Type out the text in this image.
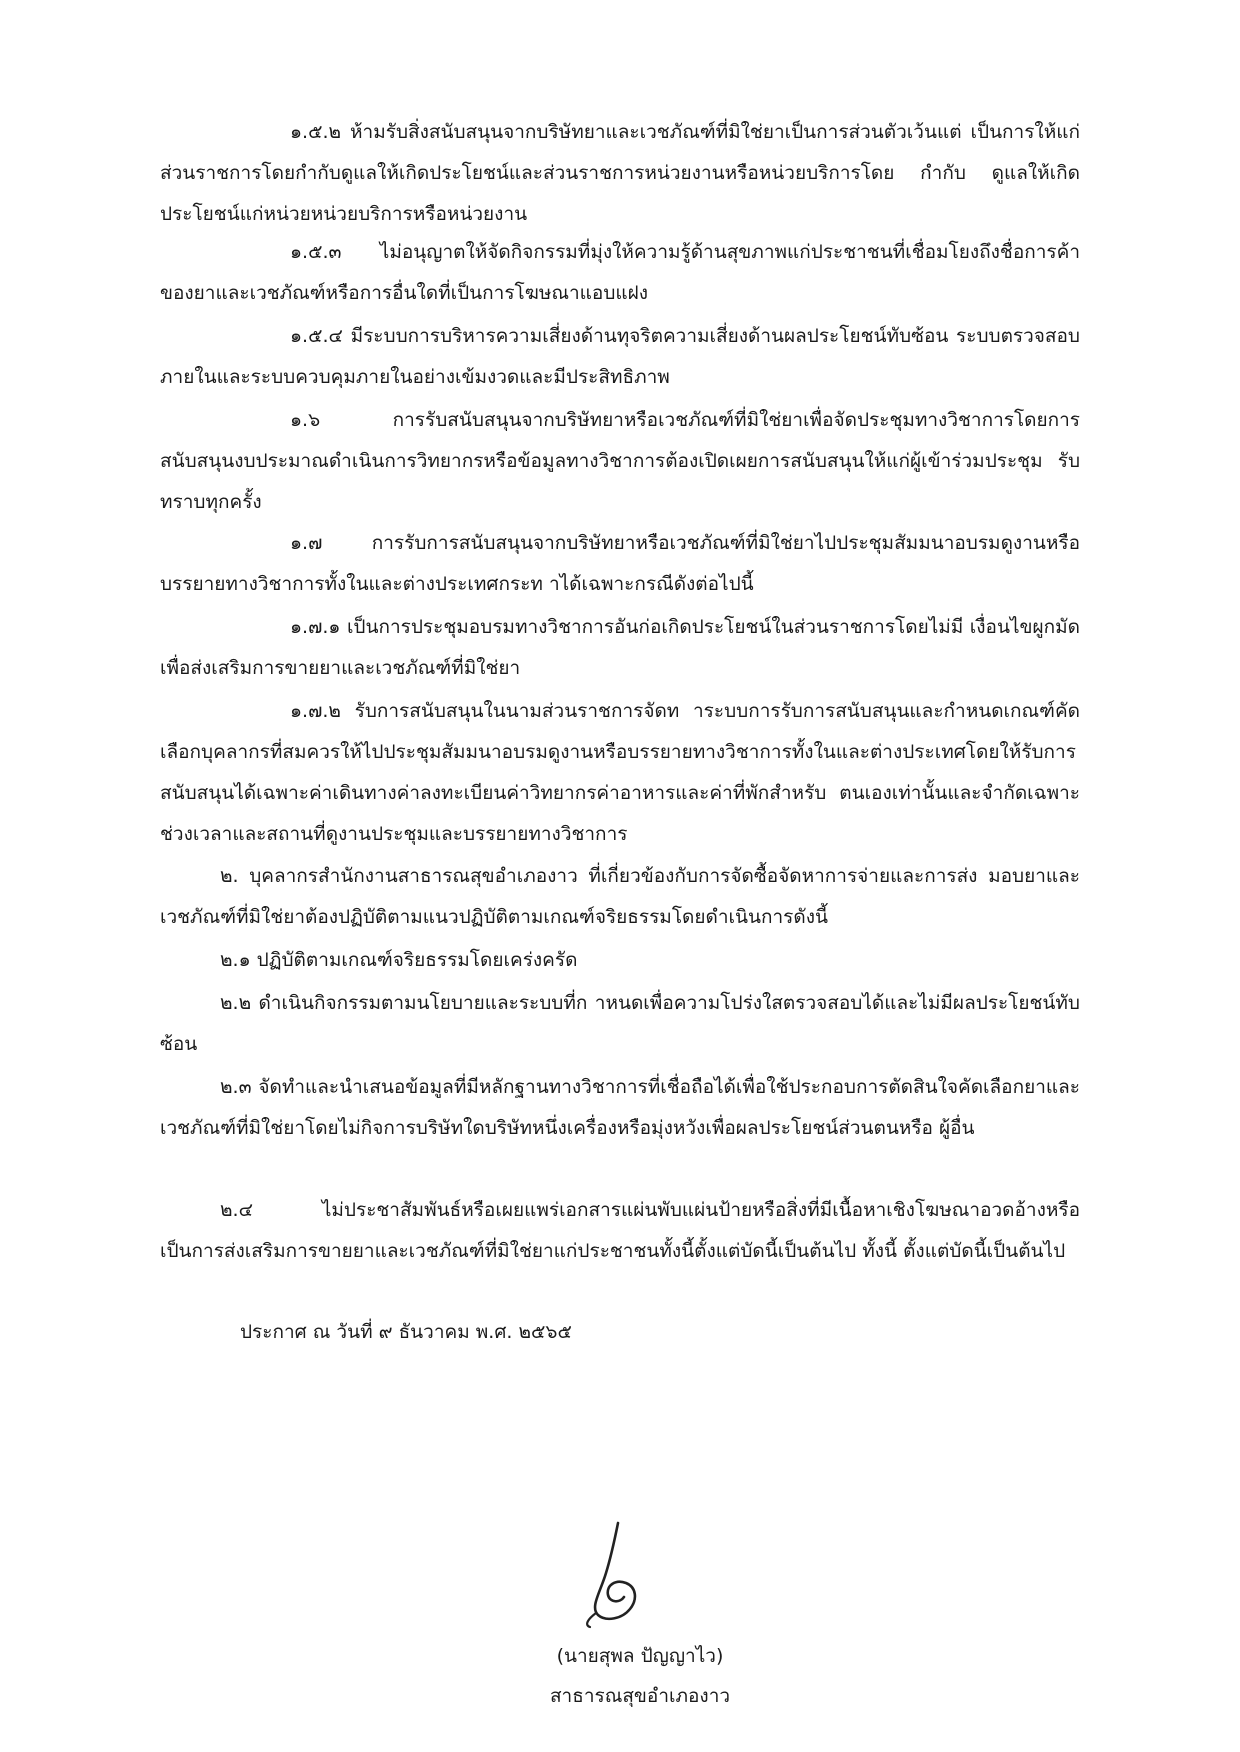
๑.๕.๒ ห้ามรับสิ่งสนับสนุนจากบริษัทยาและเวชภัณฑ์ที่มิใช่ยาเป็นการส่วนตัวเว้นแต่ เป็นการให้แก่ส่วนราชการโดยกำกับดูแลให้เกิดประโยชน์และส่วนราชการหน่วยงานหรือหน่วยบริการโดย กำกับ ดูแลให้เกิดประโยชน์แก่หน่วยหน่วยบริการหรือหน่วยงาน

๑.๕.๓ ไม่อนุญาตให้จัดกิจกรรมที่มุ่งให้ความรู้ด้านสุขภาพแก่ประชาชนที่เชื่อมโยงถึงชื่อการค้าของยาและเวชภัณฑ์หรือการอื่นใดที่เป็นการโฆษณาแอบแฝง

๑.๕.๔ มีระบบการบริหารความเสี่ยงด้านทุจริตความเสี่ยงด้านผลประโยชน์ทับซ้อน ระบบตรวจสอบภายในและระบบควบคุมภายในอย่างเข้มงวดและมีประสิทธิภาพ

๑.๖ การรับสนับสนุนจากบริษัทยาหรือเวชภัณฑ์ที่มิใช่ยาเพื่อจัดประชุมทางวิชาการโดยการสนับสนุนงบประมาณดำเนินการวิทยากรหรือข้อมูลทางวิชาการต้องเปิดเผยการสนับสนุนให้แก่ผู้เข้าร่วมประชุม รับทราบทุกครั้ง

๑.๗ การรับการสนับสนุนจากบริษัทยาหรือเวชภัณฑ์ที่มิใช่ยาไปประชุมสัมมนาอบรมดูงานหรือบรรยายทางวิชาการทั้งในและต่างประเทศกระท าได้เฉพาะกรณีดังต่อไปนี้

๑.๗.๑ เป็นการประชุมอบรมทางวิชาการอันก่อเกิดประโยชน์ในส่วนราชการโดยไม่มี เงื่อนไขผูกมัดเพื่อส่งเสริมการขายยาและเวชภัณฑ์ที่มิใช่ยา

๑.๗.๒ รับการสนับสนุนในนามส่วนราชการจัดท าระบบการรับการสนับสนุนและกำหนดเกณฑ์คัดเลือกบุคลากรที่สมควรให้ไปประชุมสัมมนาอบรมดูงานหรือบรรยายทางวิชาการทั้งในและต่างประเทศโดยให้รับการสนับสนุนได้เฉพาะค่าเดินทางค่าลงทะเบียนค่าวิทยากรค่าอาหารและค่าที่พักสำหรับ ตนเองเท่านั้นและจำกัดเฉพาะช่วงเวลาและสถานที่ดูงานประชุมและบรรยายทางวิชาการ

๒. บุคลากรสำนักงานสาธารณสุขอำเภองาว ที่เกี่ยวข้องกับการจัดซื้อจัดหาการจ่ายและการส่ง มอบยาและเวชภัณฑ์ที่มิใช่ยาต้องปฏิบัติตามแนวปฏิบัติตามเกณฑ์จริยธรรมโดยดำเนินการดังนี้

๒.๑ ปฏิบัติตามเกณฑ์จริยธรรมโดยเคร่งครัด

๒.๒ ดำเนินกิจกรรมตามนโยบายและระบบที่ก าหนดเพื่อความโปร่งใสตรวจสอบได้และไม่มีผลประโยชน์ทับซ้อน

๒.๓ จัดทำและนำเสนอข้อมูลที่มีหลักฐานทางวิชาการที่เชื่อถือได้เพื่อใช้ประกอบการตัดสินใจคัดเลือกยาและเวชภัณฑ์ที่มิใช่ยาโดยไม่กิจการบริษัทใดบริษัทหนึ่งเครื่องหรือมุ่งหวังเพื่อผลประโยชน์ส่วนตนหรือ ผู้อื่น

๒.๔ ไม่ประชาสัมพันธ์หรือเผยแพร่เอกสารแผ่นพับแผ่นป้ายหรือสิ่งที่มีเนื้อหาเชิงโฆษณาอวดอ้างหรือเป็นการส่งเสริมการขายยาและเวชภัณฑ์ที่มิใช่ยาแก่ประชาชนทั้งนี้ตั้งแต่บัดนี้เป็นต้นไป ทั้งนี้ ตั้งแต่บัดนี้เป็นต้นไป

ประกาศ ณ วันที่ ๙ ธันวาคม พ.ศ. ๒๕๖๕

(นายสุพล ปัญญาไว)
สาธารณสุขอำเภองาว
